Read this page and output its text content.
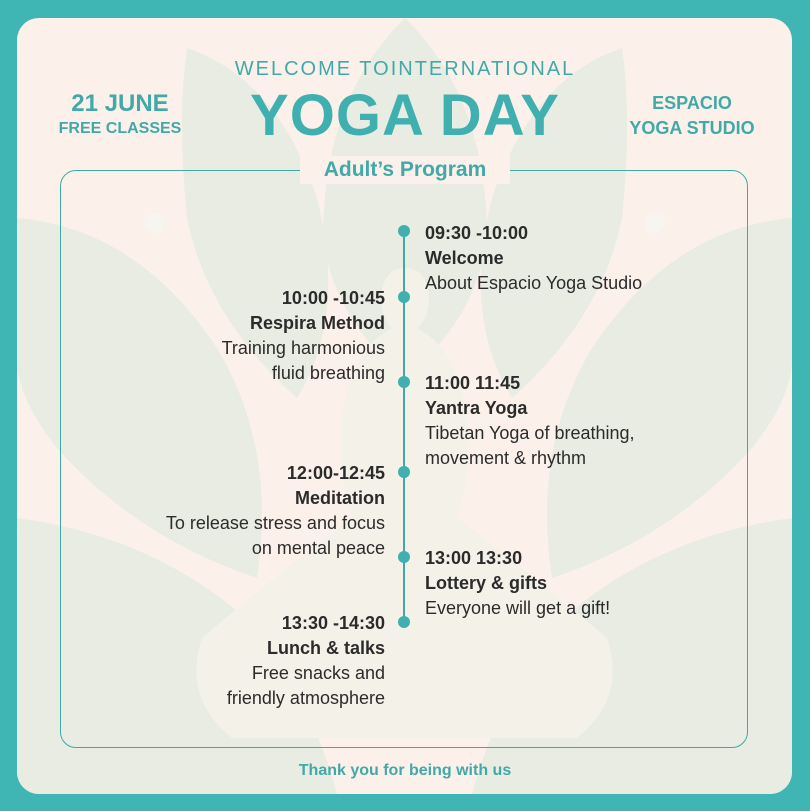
WELCOME TOINTERNATIONAL
YOGA DAY
21 JUNE
FREE CLASSES
ESPACIO
YOGA STUDIO
Adult’s Program
09:30 -10:00
Welcome
About Espacio Yoga Studio
10:00 -10:45
Respira Method
Training harmonious
fluid breathing 11:00 11:45
Yantra Yoga
Tibetan Yoga of breathing,
movement & rhythm
12:00-12:45
Meditation
To release stress and focus
on mental peace 13:00 13:30
Lottery & gifts
Everyone will get a gift!
13:30 -14:30
Lunch & talks
Free snacks and
friendly atmosphere
Thank you for being with us
